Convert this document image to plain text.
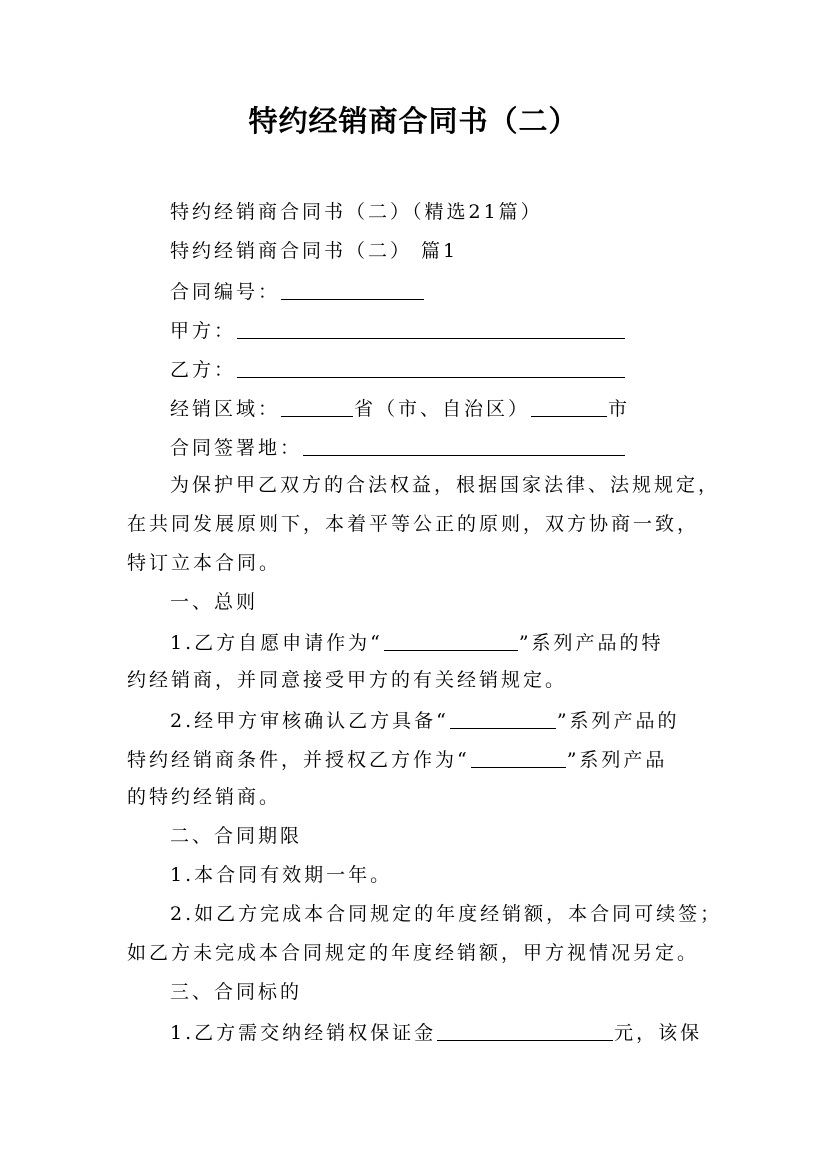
特约经销商合同书（二）
特约经销商合同书（二）（精选21篇）
特约经销商合同书（二） 篇1
合同编号：
甲方：
乙方：
经销区域：	省（市、自治区）	市
合同签署地：
为保护甲乙双方的合法权益，根据国家法律、法规规定，
在共同发展原则下，本着平等公正的原则，双方协商一致，
特订立本合同。
一、总则
1.乙方自愿申请作为“	”系列产品的特
约经销商，并同意接受甲方的有关经销规定。
2.经甲方审核确认乙方具备“	”系列产品的
特约经销商条件，并授权乙方作为“	”系列产品
的特约经销商。
二、合同期限
1.本合同有效期一年。
2.如乙方完成本合同规定的年度经销额，本合同可续签；
如乙方未完成本合同规定的年度经销额，甲方视情况另定。
三、合同标的
1.乙方需交纳经销权保证金	元，该保
